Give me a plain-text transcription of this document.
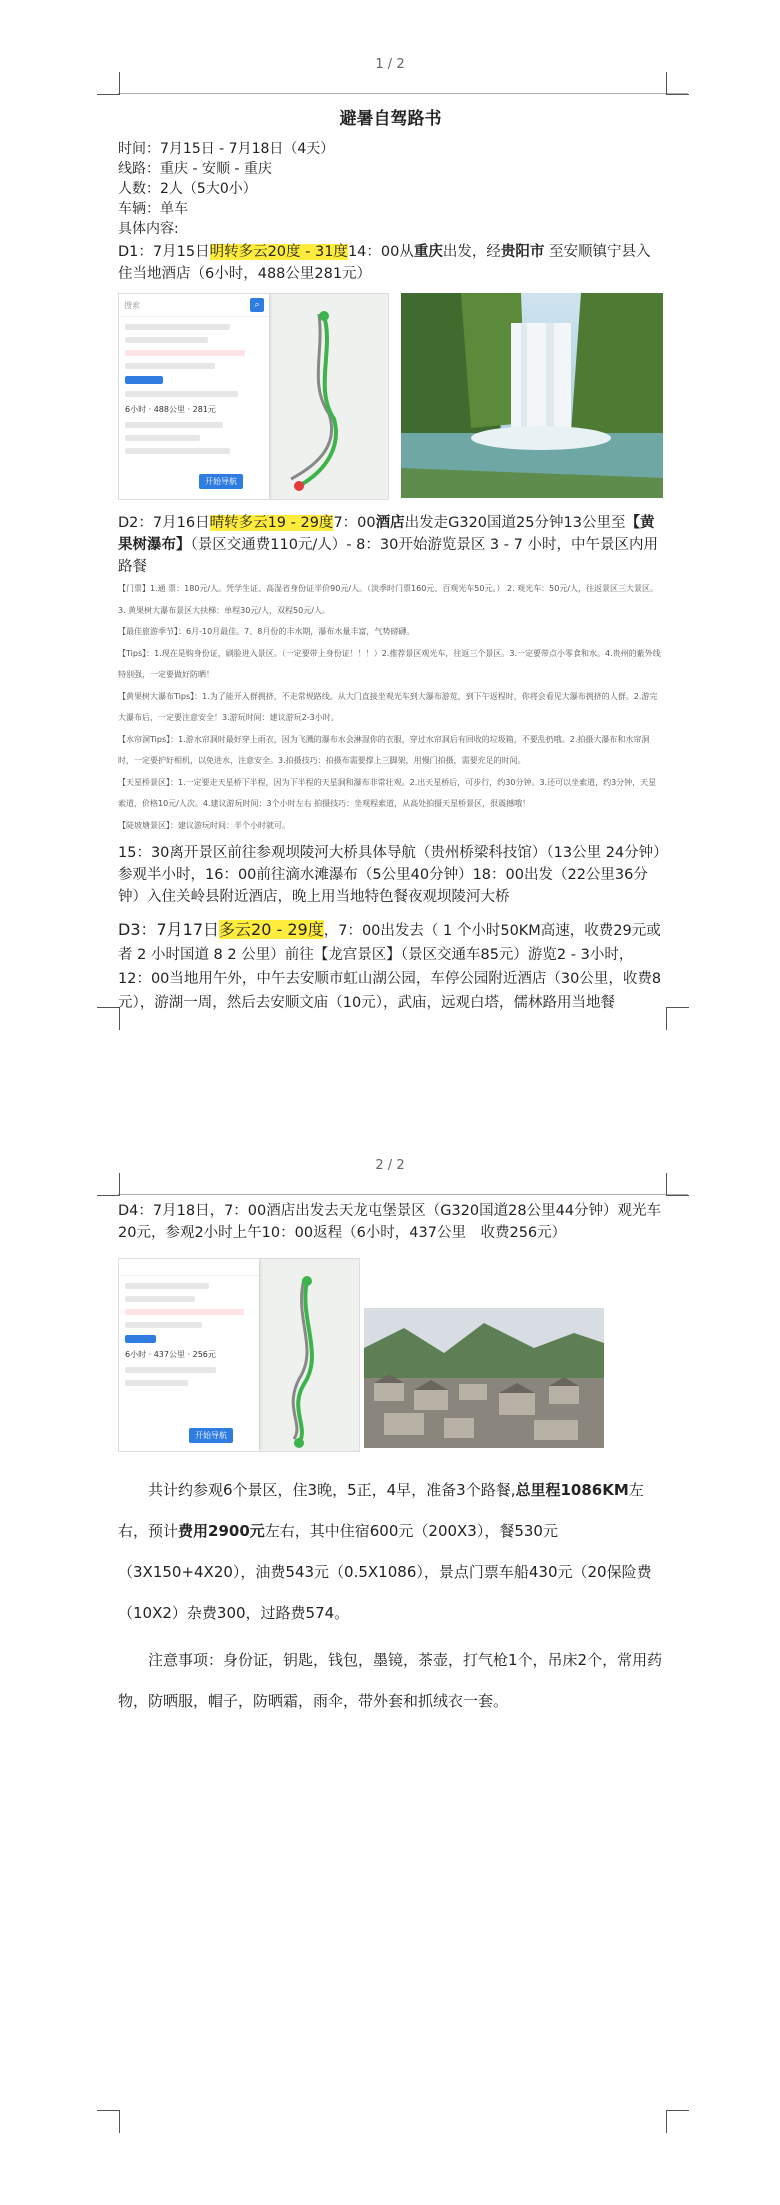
1 / 2
避暑自驾路书
时间：7月15日 - 7月18日（4天）
线路：重庆 - 安顺 - 重庆
人数：2人（5大0小）
车辆：单车
具体内容:
D1：7月15日明转多云20度 - 31度14：00从重庆出发，经贵阳市 至安顺镇宁县入住当地酒店（6小时，488公里281元）
搜索	⌕
6小时 · 488公里 · 281元
开始导航
D2：7月16日晴转多云19 - 29度7：00酒店出发走G320国道25分钟13公里至【黄果树瀑布】（景区交通费110元/人）- 8：30开始游览景区 3 - 7 小时，中午景区内用路餐
【门票】1.通 票：180元/人。凭学生证、高湿省身份证半价90元/人。（淡季时门票160元、百观光车50元。） 2. 观光车：50元/人，往返景区三大景区。3. 黄果树大瀑布景区大扶梯：单程30元/人，双程50元/人。
【最佳旅游季节】：6月-10月最佳。7、8月份的丰水期，瀑布水量丰富，气势磅礴。
【Tips】：1.现在是购身份证，刷脸进入景区。（一定要带上身份证！！！）2.推荐景区观光车，往返三个景区。3.一定要带点小零食和水。4.贵州的紫外线特别强，一定要做好防晒！
【黄果树大瀑布Tips】：1.为了能开入群拥挤，不走常规路线。从大门直接坐观光车到大瀑布游览，到下午返程时，你将会看见大瀑布拥挤的人群。2.游完大瀑布后，一定要注意安全！3.游玩时间：建议游玩2-3小时。
【水帘洞Tips】：1.游水帘洞时最好穿上雨衣，因为飞溅的瀑布水会淋湿你的衣服，穿过水帘洞后有回收的垃圾箱，不要乱扔哦。2.拍摄大瀑布和水帘洞时，一定要护好相机，以免进水，注意安全。3.拍摄技巧：拍摄布需要撑上三脚架，用慢门拍摄，需要充足的时间。
【天星桥景区】：1.一定要走天星桥下半程，因为下半程的天星洞和瀑布非常壮观。2.出天星桥后，可步行，约30分钟。3.还可以坐索道，约3分钟，天星索道，价格10元/人次。4.建议游玩时间：3个小时左右 拍摄技巧：坐观程索道，从高处拍摄天星桥景区，很震撼哦！
【陡坡塘景区】：建议游玩时间：半个小时就可。
15：30离开景区前往参观坝陵河大桥具体导航（贵州桥梁科技馆）（13公里 24分钟）参观半小时，16：00前往滴水滩瀑布（5公里40分钟）18：00出发（22公里36分钟）入住关岭县附近酒店，晚上用当地特色餐夜观坝陵河大桥
D3：7月17日多云20 - 29度，7：00出发去（ 1 个小时50KM高速，收费29元或者 2 小时国道 8 2 公里）前往【龙宫景区】（景区交通车85元）游览2 - 3小时，12：00当地用午外，中午去安顺市虹山湖公园，车停公园附近酒店（30公里，收费8元），游湖一周，然后去安顺文庙（10元），武庙，远观白塔，儒林路用当地餐
2 / 2
D4：7月18日，7：00酒店出发去天龙屯堡景区（G320国道28公里44分钟）观光车20元，参观2小时上午10：00返程（6小时，437公里　收费256元）
6小时 · 437公里 · 256元
开始导航
共计约参观6个景区，住3晚，5正，4早，准备3个路餐,总里程1086KM左右，预计费用2900元左右，其中住宿600元（200X3），餐530元（3X150+4X20），油费543元（0.5X1086），景点门票车船430元（20保险费（10X2）杂费300，过路费574。
注意事项：身份证，钥匙，钱包，墨镜，茶壶，打气枪1个，吊床2个，常用药物，防晒服，帽子，防晒霜，雨伞，带外套和抓绒衣一套。
